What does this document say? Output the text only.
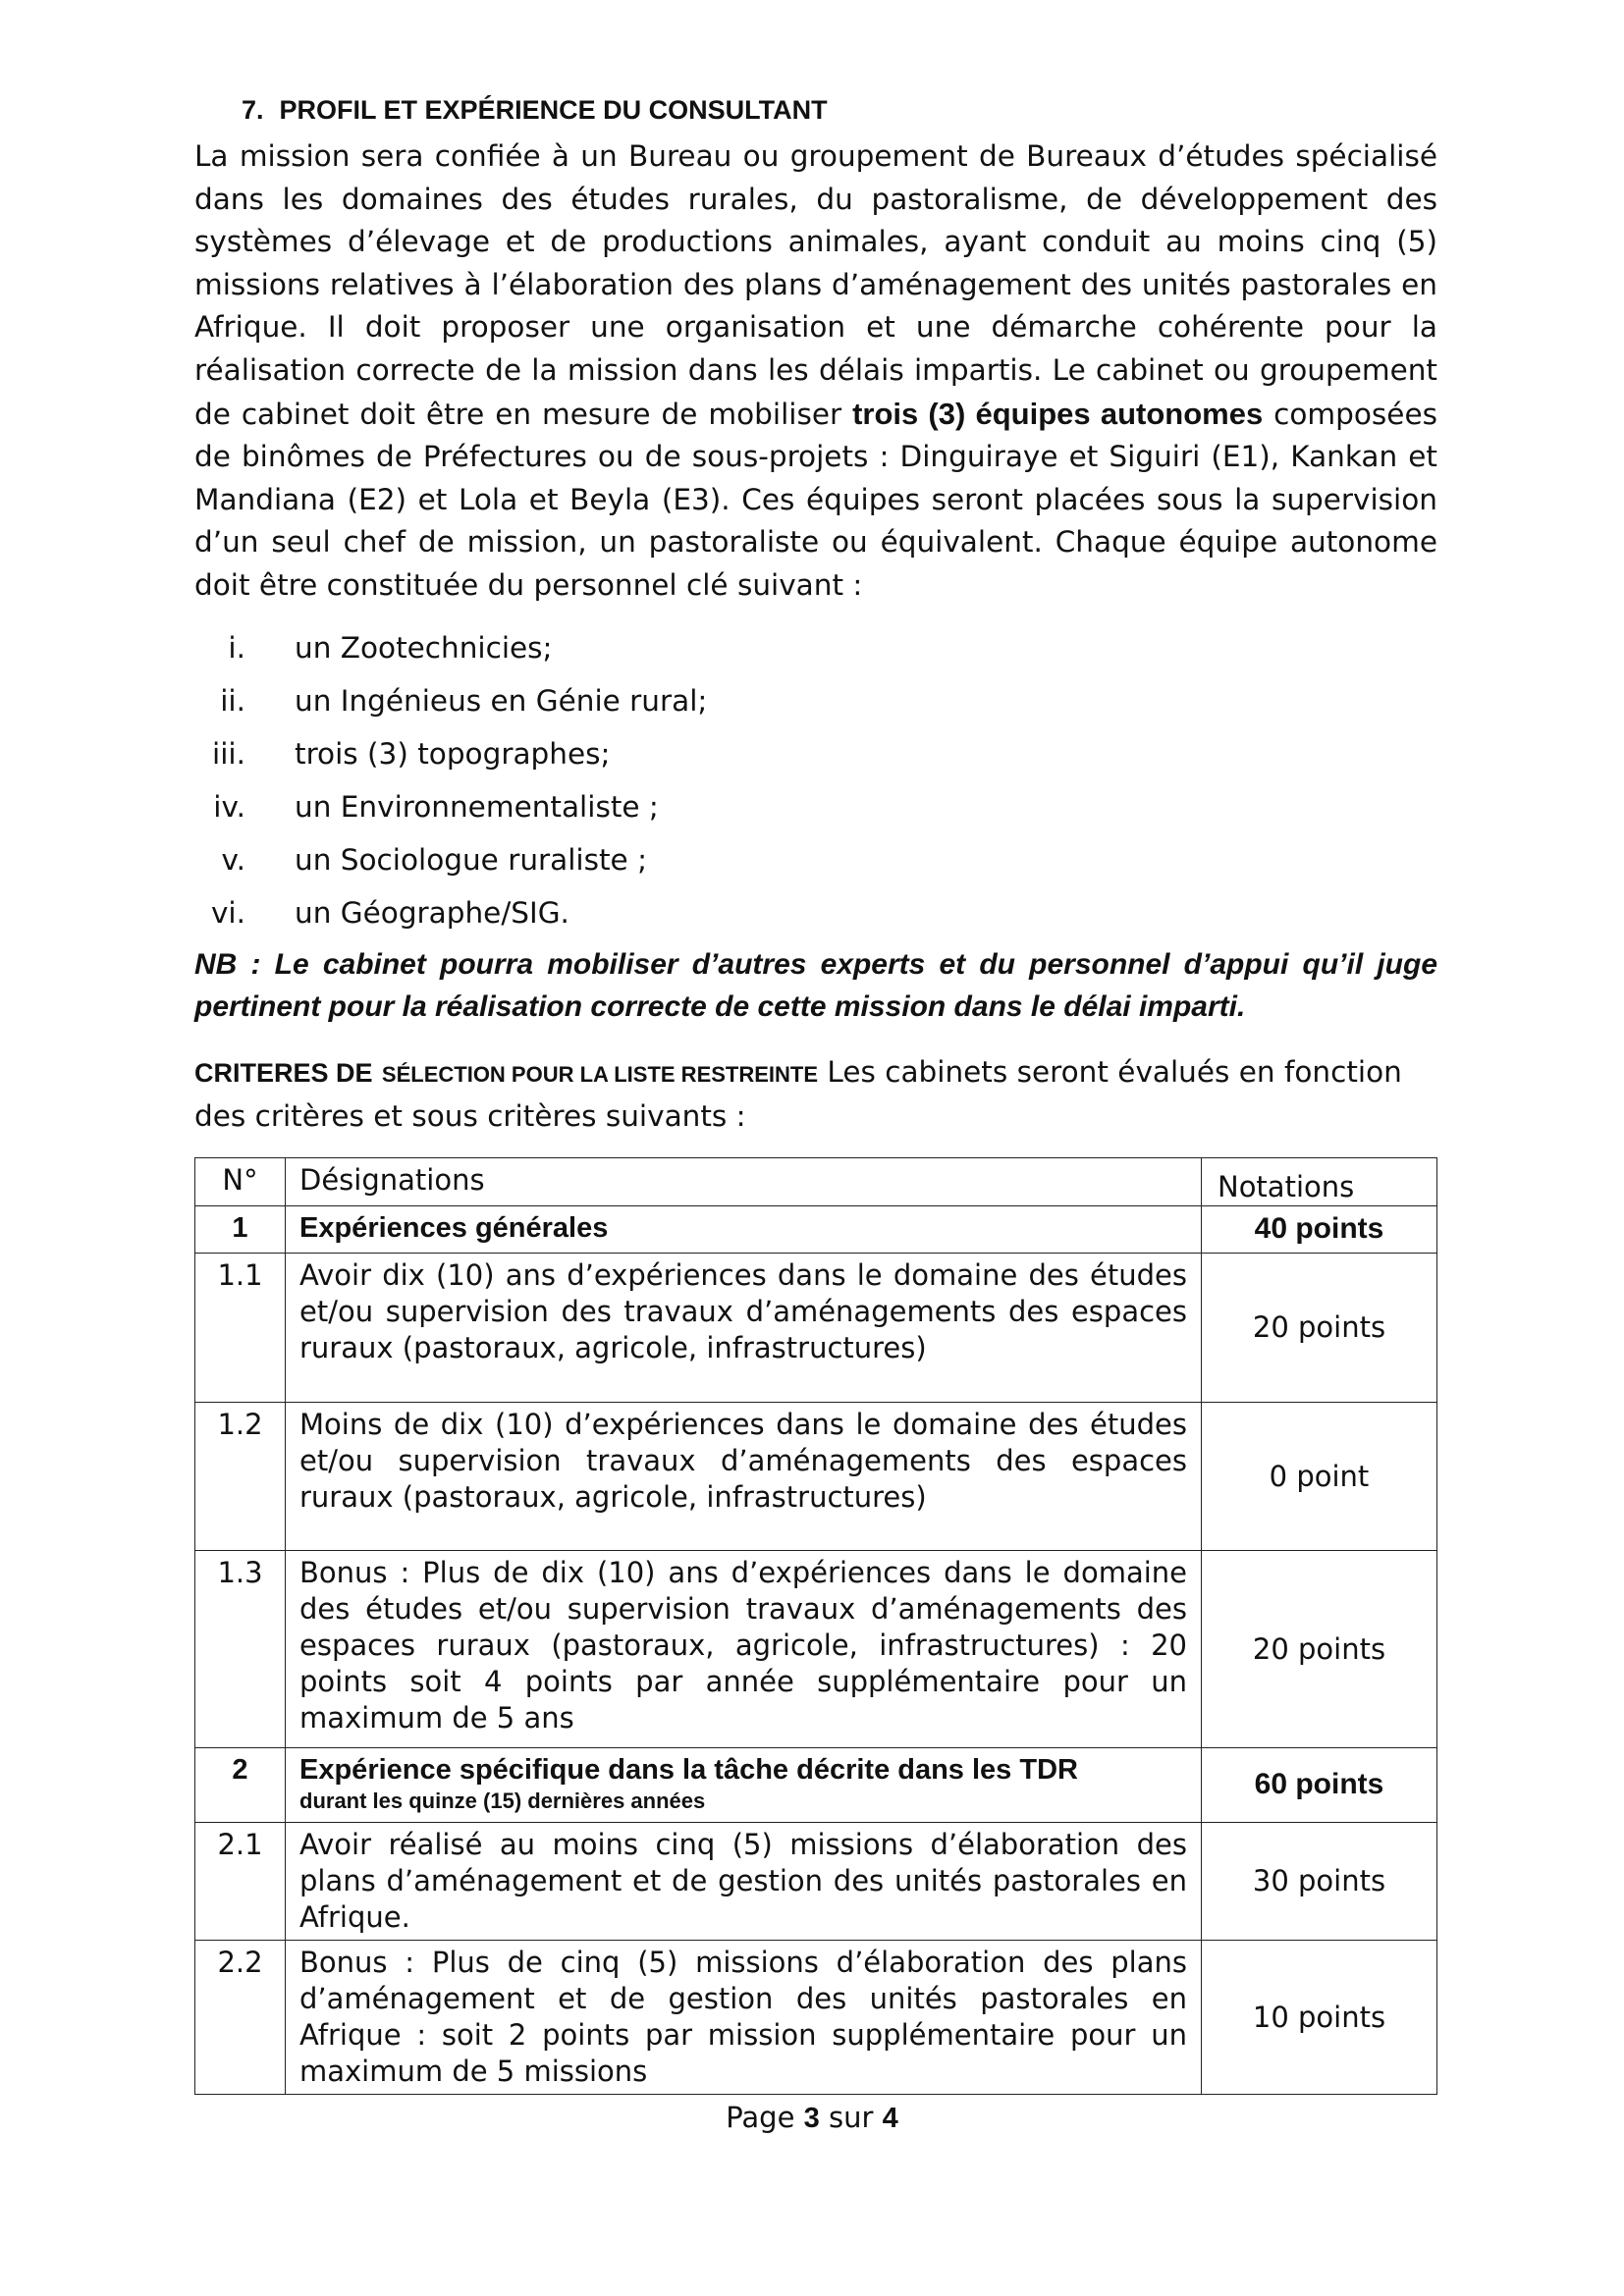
7. PROFIL ET EXPÉRIENCE DU CONSULTANT

La mission sera confiée à un Bureau ou groupement de Bureaux d’études spécialisé dans les domaines des études rurales, du pastoralisme, de développement des systèmes d’élevage et de productions animales, ayant conduit au moins cinq (5) missions relatives à l’élaboration des plans d’aménagement des unités pastorales en Afrique. Il doit proposer une organisation et une démarche cohérente pour la réalisation correcte de la mission dans les délais impartis. Le cabinet ou groupement de cabinet doit être en mesure de mobiliser trois (3) équipes autonomes composées de binômes de Préfectures ou de sous-projets : Dinguiraye et Siguiri (E1), Kankan et Mandiana (E2) et Lola et Beyla (E3). Ces équipes seront placées sous la supervision d’un seul chef de mission, un pastoraliste ou équivalent. Chaque équipe autonome doit être constituée du personnel clé suivant :

i. un Zootechnicies;
ii. un Ingénieus en Génie rural;
iii. trois (3) topographes;
iv. un Environnementaliste ;
v. un Sociologue ruraliste ;
vi. un Géographe/SIG.

NB : Le cabinet pourra mobiliser d’autres experts et du personnel d’appui qu’il juge pertinent pour la réalisation correcte de cette mission dans le délai imparti.

CRITERES DE SÉLECTION POUR LA LISTE RESTREINTE Les cabinets seront évalués en fonction des critères et sous critères suivants :

N°	Désignations	Notations
1	Expériences générales	40 points
1.1	Avoir dix (10) ans d’expériences dans le domaine des études et/ou supervision des travaux d’aménagements des espaces ruraux (pastoraux, agricole, infrastructures)	20 points
1.2	Moins de dix (10) d’expériences dans le domaine des études et/ou supervision travaux d’aménagements des espaces ruraux (pastoraux, agricole, infrastructures)	0 point
1.3	Bonus : Plus de dix (10) ans d’expériences dans le domaine des études et/ou supervision travaux d’aménagements des espaces ruraux (pastoraux, agricole, infrastructures) : 20 points soit 4 points par année supplémentaire pour un maximum de 5 ans	20 points
2	Expérience spécifique dans la tâche décrite dans les TDR
durant les quinze (15) dernières années	60 points
2.1	Avoir réalisé au moins cinq (5) missions d’élaboration des plans d’aménagement et de gestion des unités pastorales en Afrique.	30 points
2.2	Bonus : Plus de cinq (5) missions d’élaboration des plans d’aménagement et de gestion des unités pastorales en Afrique : soit 2 points par mission supplémentaire pour un maximum de 5 missions	10 points
Page 3 sur 4
